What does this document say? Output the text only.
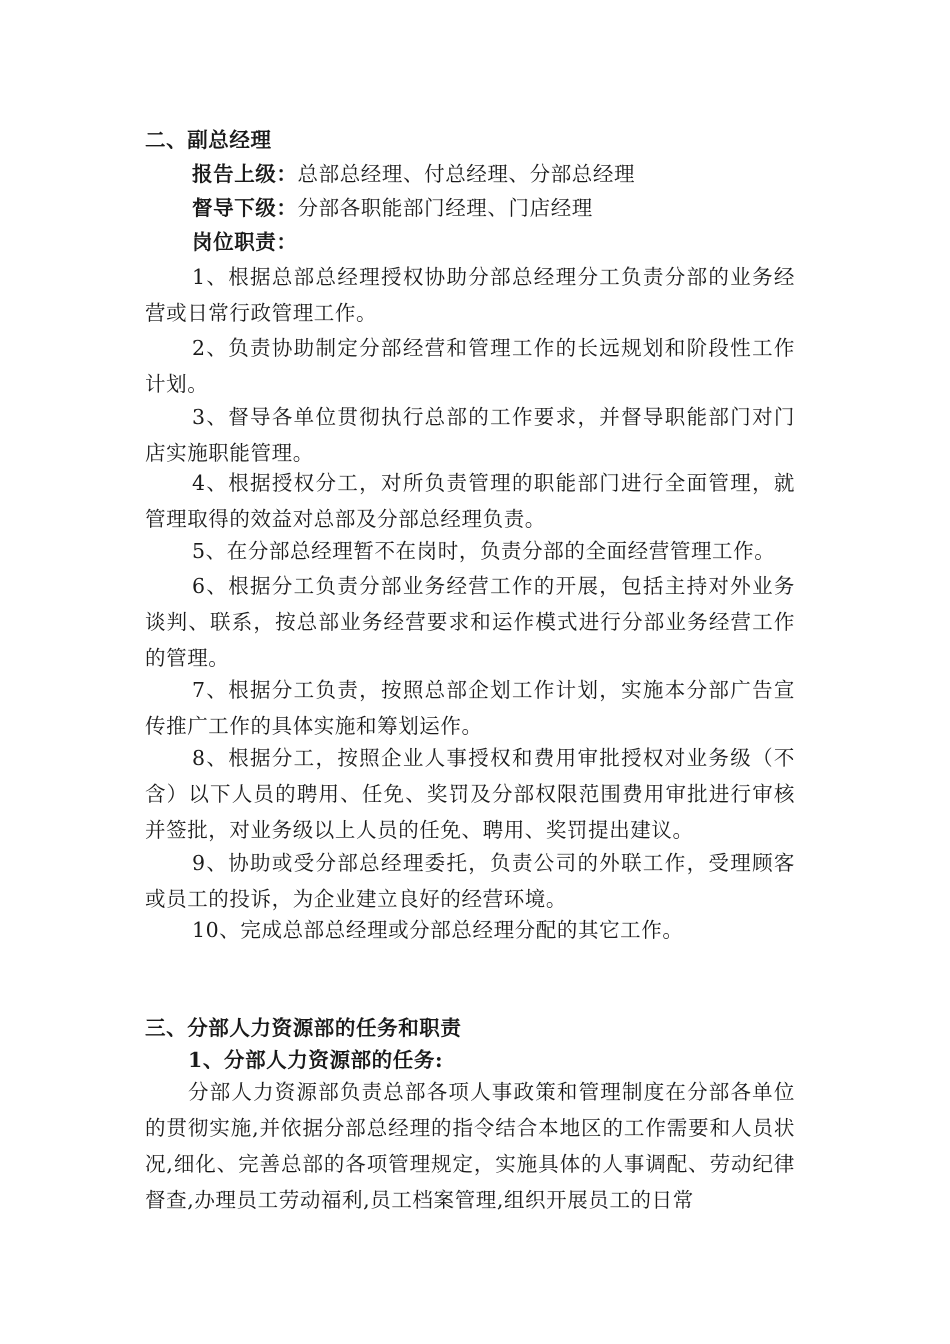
二、副总经理
报告上级：总部总经理、付总经理、分部总经理
督导下级：分部各职能部门经理、门店经理
岗位职责：
1、根据总部总经理授权协助分部总经理分工负责分部的业务经营或日常行政管理工作。
2、负责协助制定分部经营和管理工作的长远规划和阶段性工作计划。
3、督导各单位贯彻执行总部的工作要求，并督导职能部门对门店实施职能管理。
4、根据授权分工，对所负责管理的职能部门进行全面管理，就管理取得的效益对总部及分部总经理负责。
5、在分部总经理暂不在岗时，负责分部的全面经营管理工作。
6、根据分工负责分部业务经营工作的开展，包括主持对外业务谈判、联系，按总部业务经营要求和运作模式进行分部业务经营工作的管理。
7、根据分工负责，按照总部企划工作计划，实施本分部广告宣传推广工作的具体实施和筹划运作。
8、根据分工，按照企业人事授权和费用审批授权对业务级（不含）以下人员的聘用、任免、奖罚及分部权限范围费用审批进行审核并签批，对业务级以上人员的任免、聘用、奖罚提出建议。
9、协助或受分部总经理委托，负责公司的外联工作，受理顾客或员工的投诉，为企业建立良好的经营环境。
10、完成总部总经理或分部总经理分配的其它工作。
三、分部人力资源部的任务和职责
1、分部人力资源部的任务:
分部人力资源部负责总部各项人事政策和管理制度在分部各单位的贯彻实施,并依据分部总经理的指令结合本地区的工作需要和人员状况,细化、完善总部的各项管理规定，实施具体的人事调配、劳动纪律督查,办理员工劳动福利,员工档案管理,组织开展员工的日常
